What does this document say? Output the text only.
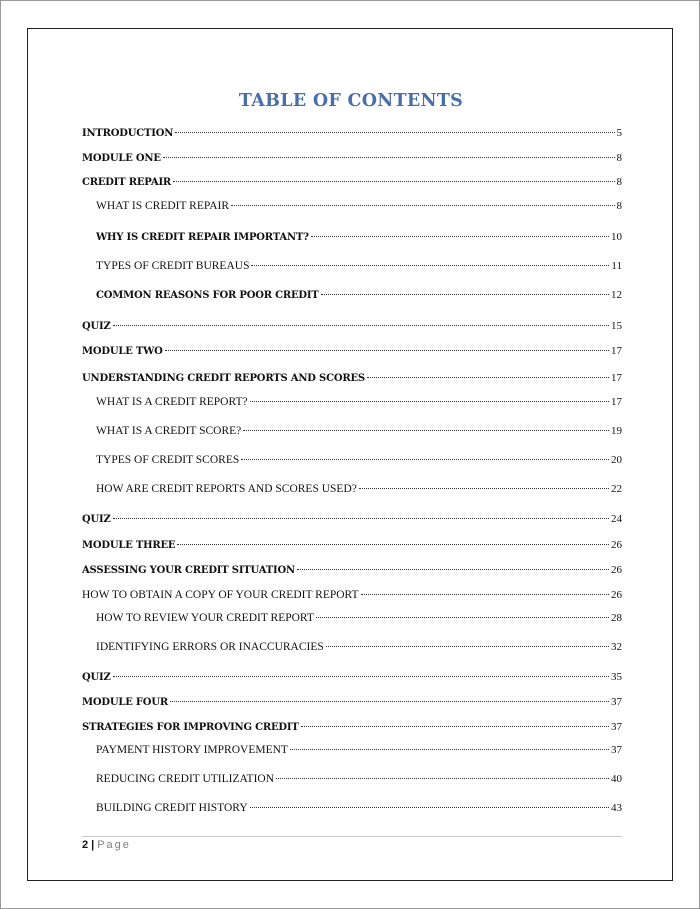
TABLE OF CONTENTS
INTRODUCTION	5
MODULE ONE	8
CREDIT REPAIR	8
WHAT IS CREDIT REPAIR	8
WHY IS CREDIT REPAIR IMPORTANT?	10
TYPES OF CREDIT BUREAUS	11
COMMON REASONS FOR POOR CREDIT	12
QUIZ	15
MODULE TWO	17
UNDERSTANDING CREDIT REPORTS AND SCORES	17
WHAT IS A CREDIT REPORT?	17
WHAT IS A CREDIT SCORE?	19
TYPES OF CREDIT SCORES	20
HOW ARE CREDIT REPORTS AND SCORES USED?	22
QUIZ	24
MODULE THREE	26
ASSESSING YOUR CREDIT SITUATION	26
HOW TO OBTAIN A COPY OF YOUR CREDIT REPORT	26
HOW TO REVIEW YOUR CREDIT REPORT	28
IDENTIFYING ERRORS OR INACCURACIES	32
QUIZ	35
MODULE FOUR	37
STRATEGIES FOR IMPROVING CREDIT	37
PAYMENT HISTORY IMPROVEMENT	37
REDUCING CREDIT UTILIZATION	40
BUILDING CREDIT HISTORY	43
2 | Page
